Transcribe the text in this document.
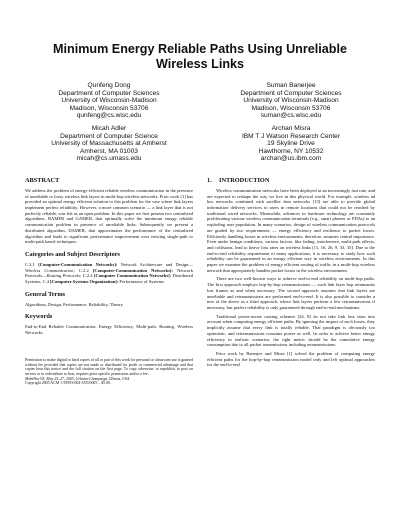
Minimum Energy Reliable Paths Using Unreliable Wireless Links
Qunfeng Dong
Department of Computer Sciences
University of Wisconsin-Madison
Madison, Wisconsin 53706
qunfeng@cs.wisc.edu
Suman Banerjee
Department of Computer Sciences
University of Wisconsin-Madison
Madison, Wisconsin 53706
suman@cs.wisc.edu
Micah Adler
Department of Computer Science
University of Massachusetts at Amherst
Amherst, MA 01003
micah@cs.umass.edu
Archan Misra
IBM T J Watson Research Center
19 Skyline Drive
Hawthorne, NY 10532
archan@us.ibm.com
ABSTRACT

We address the problem of energy-efficient reliable wireless communication in the presence of unreliable or lossy wireless link layers in multi-hop wireless networks. Prior work [1] has provided an optimal energy efficient solution to this problem for the case where link layers implement perfect reliability. However, a more common scenario — a link layer that is not perfectly reliable, was left as an open problem. In this paper we first present two centralized algorithms, BAMER and GAMER, that optimally solve the minimum energy reliable communication problem in presence of unreliable links. Subsequently we present a distributed algorithm, DAMER, that approximates the performance of the centralized algorithm and leads to significant performance improvement over existing single-path or multi-path based techniques.

Categories and Subject Descriptors

C.2.1 [Computer-Communication Networks]: Network Architecture and Design—Wireless Communication; C.2.2 [Computer-Communication Networks]: Network Protocols—Routing Protocols; C.2.4 [Computer Communication Networks]: Distributed Systems; C.4 [Computer Systems Organization]: Performance of Systems

General Terms

Algorithms, Design, Performance, Reliability, Theory

Keywords

End-to-End Reliable Communication, Energy Efficiency, Multi-path, Routing, Wireless Networks

Permission to make digital or hard copies of all or part of this work for personal or classroom use is granted without fee provided that copies are not made or distributed for profit or commercial advantage and that copies bear this notice and the full citation on the first page. To copy otherwise, to republish, to post on servers or to redistribute to lists, requires prior specific permission and/or a fee.

MobiHoc'05, May 25–27, 2005, Urbana-Champaign, Illinois, USA.

Copyright 2005 ACM 1-59593-004-3/05/0005 ...$5.00.

1. INTRODUCTION

Wireless communication networks have been deployed at an increasingly fast rate, and are expected to reshape the way we live in this physical world. For example, wireless ad hoc networks combined with satellite data networks [13] are able to provide global information delivery services to users in remote locations that could not be reached by traditional wired networks. Meanwhile, advances in hardware technology are constantly proliferating various wireless communication terminals (e.g., smart phones or PDAs) to an exploding user population. In many scenarios, design of wireless communication protocols are guided by two requirements — energy efficiency and resilience to packet losses. Efficiently handling losses in wireless environments, therefore, assumes central importance. Even under benign conditions, various factors, like fading, interference, multi-path effects, and collisions, lead to heavy loss rates on wireless links [11, 16, 26, 9, 33, 35]. Due to the end-to-end reliability requirement of many applications, it is necessary to study how such reliability can be guaranteed in an energy efficient way in wireless environments. In this paper we examine the problem of energy efficient routing of traffic in a multi-hop wireless network that appropriately handles packet losses in the wireless environment.

There are two well-known ways to achieve end-to-end reliability on multi-hop paths. The first approach employs hop-by-hop retransmissions — such link layer hop retransmits lost frames as and when necessary. The second approach assumes that link layers are unreliable and retransmissions are performed end-to-end. It is also possible to consider a mix of the above as a third approach, where link layers perform a few retransmissions if necessary, but perfect reliability is only guaranteed through end-to-end mechanisms.

Traditional power-aware routing schemes [24, 8] do not take link loss rates into account when computing energy efficient paths. By ignoring the impact of such losses, they implicitly assume that every link is totally reliable. That paradigm is obviously too optimistic, and retransmissions consume power as well. In order to achieve better energy efficiency in realistic scenarios, the right metric should be the cumulative energy consumption due to all packet transmissions including retransmissions.

Prior work by Banerjee and Misra [1] solved the problem of computing energy efficient paths for the hop-by-hop retransmission model only and left optimal approaches for the end-to-end
